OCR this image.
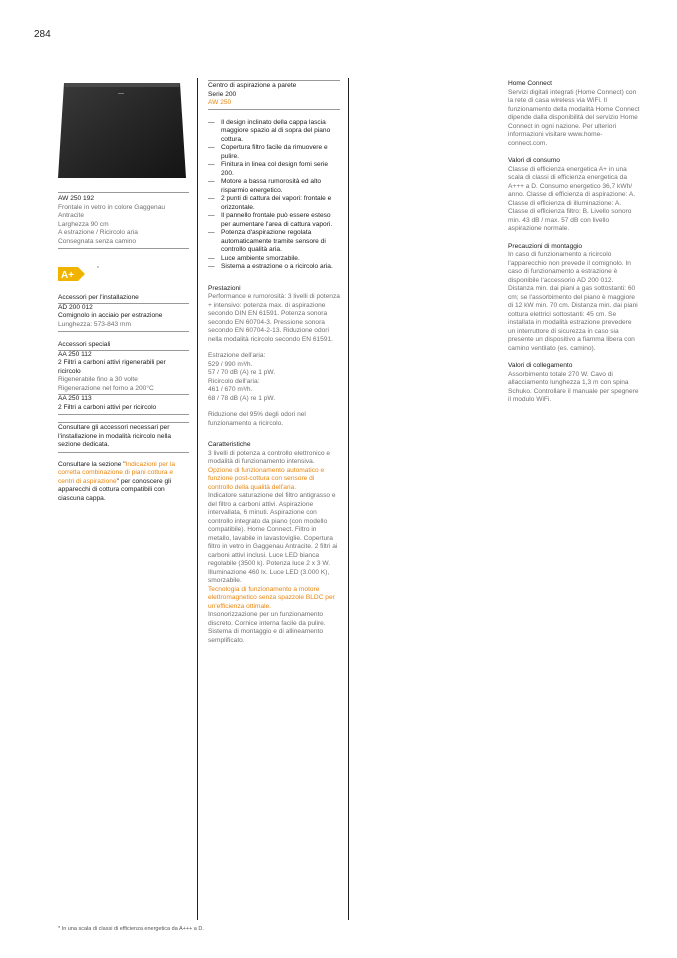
284

AW 250 192

Frontale in vetro in colore Gaggenau

Antracite

Larghezza 90 cm

A estrazione / Ricircolo aria

Consegnata senza camino

A+
*

Accessori per l'installazione

AD 200 012

Comignolo in acciaio per estrazione

Lunghezza: 573-843 mm

Accessori speciali

AA 250 112

2 Filtri a carboni attivi rigenerabili per ricircolo

Rigenerabile fino a 30 volte

Rigenerazione nel forno a 200°C

AA 250 113

2 Filtri a carboni attivi per ricircolo

Consultare gli accessori necessari per l'installazione in modalità ricircolo nella sezione dedicata.

Consultare la sezione "Indicazioni per la corretta combinazione di piani cottura e centri di aspirazione" per conoscere gli apparecchi di cottura compatibili con ciascuna cappa.

Centro di aspirazione a parete

Serie 200

AW 250

— Il design inclinato della cappa lascia maggiore spazio al di sopra del piano cottura.
— Copertura filtro facile da rimuovere e pulire.
— Finitura in linea col design forni serie 200.
— Motore a bassa rumorosità ed alto risparmio energetico.
— 2 punti di cattura dei vapori: frontale e orizzontale.
— Il pannello frontale può essere esteso per aumentare l'area di cattura vapori.
— Potenza d'aspirazione regolata automaticamente tramite sensore di controllo qualità aria.
— Luce ambiente smorzabile.
— Sistema a estrazione o a ricircolo aria.

Prestazioni

Performance e rumorosità: 3 livelli di potenza + intensivo: potenza max. di aspirazione secondo DIN EN 61591. Potenza sonora secondo EN 60704-3. Pressione sonora secondo EN 60704-2-13. Riduzione odori nella modalità ricircolo secondo EN 61591.

Estrazione dell'aria:

529 / 990 m³/h.

57 / 70 dB (A) re 1 pW.

Ricircolo dell'aria:

461 / 670 m³/h.

68 / 78 dB (A) re 1 pW.

Riduzione del 95% degli odori nel funzionamento a ricircolo.

Caratteristiche

3 livelli di potenza a controllo elettronico e modalità di funzionamento intensiva.

Opzione di funzionamento automatico e funzione post-cottura con sensore di controllo della qualità dell'aria.

Indicatore saturazione del filtro antigrasso e del filtro a carboni attivi. Aspirazione intervallata, 6 minuti. Aspirazione con controllo integrato da piano (con modello compatibile). Home Connect. Filtro in metallo, lavabile in lavastoviglie. Copertura filtro in vetro in Gaggenau Antracite. 2 filtri ai carboni attivi inclusi. Luce LED bianca regolabile (3500 k). Potenza luce 2 x 3 W. Illuminazione 460 lx. Luce LED (3.000 K), smorzabile.

Tecnologia di funzionamento a motore elettromagnetico senza spazzole BLDC per un'efficienza ottimale.

Insonorizzazione per un funzionamento discreto. Cornice interna facile da pulire. Sistema di montaggio e di allineamento semplificato.

Home Connect

Servizi digitali integrati (Home Connect) con la rete di casa wireless via WiFi. Il funzionamento della modalità Home Connect dipende dalla disponibilità del servizio Home Connect in ogni nazione. Per ulteriori informazioni visitare www.home-connect.com.

Valori di consumo

Classe di efficienza energetica A+ in una scala di classi di efficienza energetica da A+++ a D. Consumo energetico 36,7 kWh/ anno. Classe di efficienza di aspirazione: A. Classe di efficienza di illuminazione: A. Classe di efficienza filtro: B. Livello sonoro min. 43 dB / max. 57 dB con livello aspirazione normale.

Precauzioni di montaggio

In caso di funzionamento a ricircolo l'apparecchio non prevede il comignolo. In caso di funzionamento a estrazione è disponibile l'accessorio AD 200 012. Distanza min. dai piani a gas sottostanti: 60 cm; se l'assorbimento del piano è maggiore di 12 kW min. 70 cm. Distanza min. dai piani cottura elettrici sottostanti: 45 cm. Se installata in modalità estrazione prevedere un interruttore di sicurezza in caso sia presente un dispositivo a fiamma libera con camino ventilato (es. camino).

Valori di collegamento

Assorbimento totale 270 W. Cavo di allacciamento lunghezza 1,3 m con spina Schuko. Controllare il manuale per spegnere il modulo WiFi.

* In una scala di classi di efficienza energetica da A+++ a D.
